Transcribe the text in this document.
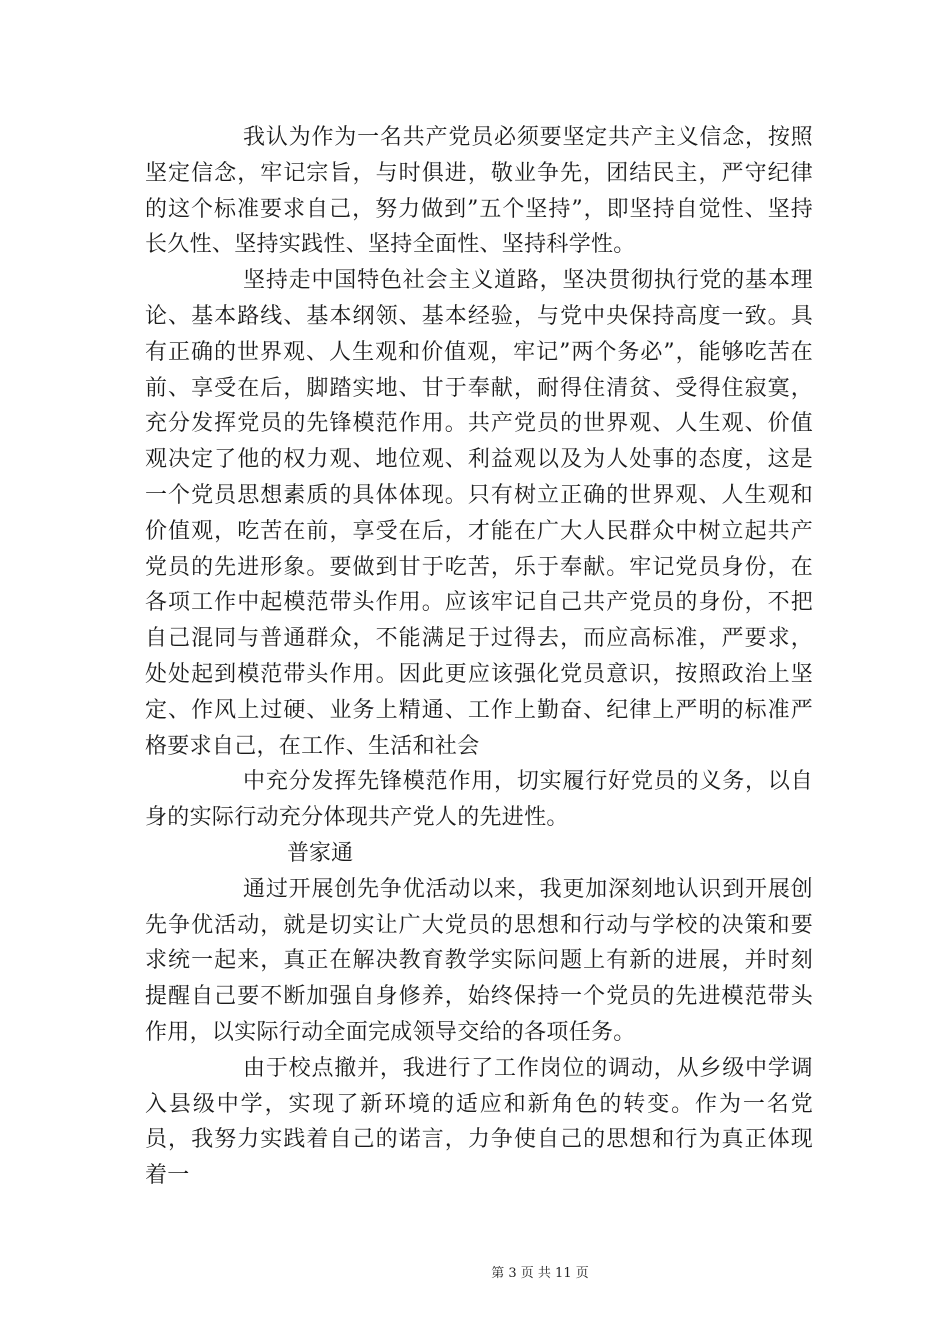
我认为作为一名共产党员必须要坚定共产主义信念，按照坚定信念，牢记宗旨，与时俱进，敬业争先，团结民主，严守纪律的这个标准要求自己，努力做到”五个坚持”，即坚持自觉性、坚持长久性、坚持实践性、坚持全面性、坚持科学性。

坚持走中国特色社会主义道路，坚决贯彻执行党的基本理论、基本路线、基本纲领、基本经验，与党中央保持高度一致。具有正确的世界观、人生观和价值观，牢记”两个务必”，能够吃苦在前、享受在后，脚踏实地、甘于奉献，耐得住清贫、受得住寂寞，充分发挥党员的先锋模范作用。共产党员的世界观、人生观、价值观决定了他的权力观、地位观、利益观以及为人处事的态度，这是一个党员思想素质的具体体现。只有树立正确的世界观、人生观和价值观，吃苦在前，享受在后，才能在广大人民群众中树立起共产党员的先进形象。要做到甘于吃苦，乐于奉献。牢记党员身份，在各项工作中起模范带头作用。应该牢记自己共产党员的身份，不把自己混同与普通群众，不能满足于过得去，而应高标准，严要求，处处起到模范带头作用。因此更应该强化党员意识，按照政治上坚定、作风上过硬、业务上精通、工作上勤奋、纪律上严明的标准严格要求自己，在工作、生活和社会

中充分发挥先锋模范作用，切实履行好党员的义务，以自身的实际行动充分体现共产党人的先进性。

普家通

通过开展创先争优活动以来，我更加深刻地认识到开展创先争优活动，就是切实让广大党员的思想和行动与学校的决策和要求统一起来，真正在解决教育教学实际问题上有新的进展，并时刻提醒自己要不断加强自身修养，始终保持一个党员的先进模范带头作用，以实际行动全面完成领导交给的各项任务。

由于校点撤并，我进行了工作岗位的调动，从乡级中学调入县级中学，实现了新环境的适应和新角色的转变。作为一名党员，我努力实践着自己的诺言，力争使自己的思想和行为真正体现着一

第 3 页 共 11 页
